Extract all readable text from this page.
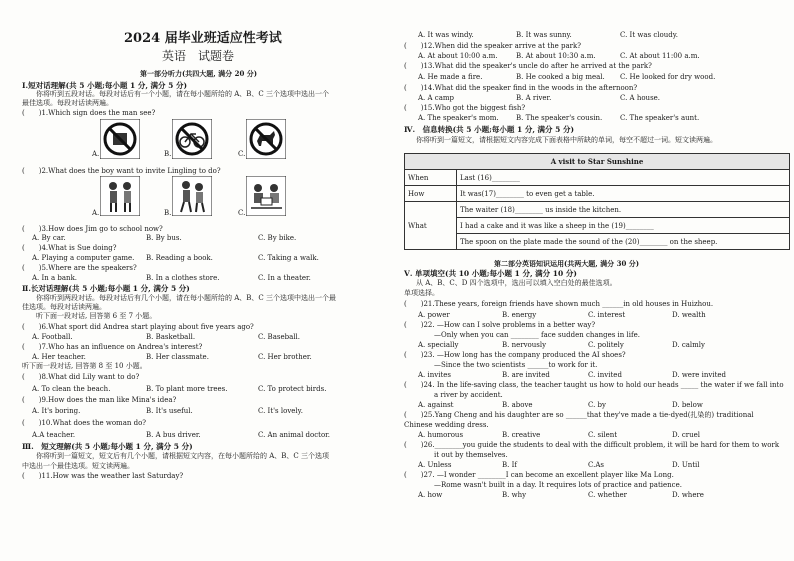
2024 届毕业班适应性考试
英语　试题卷
第一部分听力(共四大题, 满分 20 分)
Ⅰ.短对话理解(共 5 小题;每小题 1 分, 满分 5 分)
你将听到五段对话。每段对话后有一个小题，请在每小题所给的 A、B、C 三个选项中选出一个
最佳选项。每段对话读两遍。
(　　)1.Which sign does the man see?
A.	B.	C.
(　　)2.What does the boy want to invite Lingling to do?
A.	B.	C.
(　　)3.How does Jim go to school now?
A. By car.	B. By bus.	C. By bike.
(　　)4.What is Sue doing?
A. Playing a computer game. B. Reading a book.	C. Taking a walk.
(　　)5.Where are the speakers?
A. In a bank.	B. In a clothes store.	C. In a theater.
Ⅱ.长对话理解(共 5 小题;每小题 1 分, 满分 5 分)
你将听到两段对话。每段对话后有几个小题，请在每小题所给的 A、B、C 三个选项中选出一个最
佳选项。每段对话读两遍。
听下面一段对话, 回答第 6 至 7 小题。
(　　)6.What sport did Andrea start playing about five years ago?
A. Football.	B. Basketball.	C. Baseball.
(　　)7.Who has an influence on Andrea's interest?
A. Her teacher.	B. Her classmate.	C. Her brother.
听下面一段对话, 回答第 8 至 10 小题。
(　　)8.What did Lily want to do?
A. To clean the beach.	B. To plant more trees.	C. To protect birds.
(　　)9.How does the man like Mina's idea?
A. It's boring.	B. It's useful.	C. It's lovely.
(　　)10.What does the woman do?
A.A teacher.	B. A bus driver.	C. An animal doctor.
Ⅲ.　短文理解(共 5 小题;每小题 1 分, 满分 5 分)
你将听到一篇短文，短文后有几个小题，请根据短文内容，在每小题所给的 A、B、C 三个选项
中选出一个最佳选项。短文读两遍。
(　　)11.How was the weather last Saturday?
A. It was windy.	B. It was sunny.	C. It was cloudy.
(　　)12.When did the speaker arrive at the park?
A. At about 10:00 a.m.	B. At about 10:30 a.m.	C. At about 11:00 a.m.
(　　)13.What did the speaker's uncle do after he arrived at the park?
A. He made a fire.	B. He cooked a big meal. C. He looked for dry wood.
(　　)14.What did the speaker find in the woods in the afternoon?
A. A camp	B. A river.	C. A house.
(　　)15.Who got the biggest fish?
A. The speaker's mom. B. The speaker's cousin.	C. The speaker's aunt.
Ⅳ.　信息转换(共 5 小题;每小题 1 分, 满分 5 分)
你将听到一篇短文，请根据短文内容完成下面表格中所缺的单词，每空不超过一词。短文读两遍。
A visit to Star Sunshine	
When	Last (16)________
How	It was(17)________ to even get a table.
What	The waiter (18)________ us inside the kitchen.
	I had a cake and it was like a sheep in the (19)________
	The spoon on the plate made the sound of the (20)________ on the sheep.
第二部分英语知识运用(共两大题, 满分 30 分)
Ⅴ. 单项填空(共 10 小题;每小题 1 分, 满分 10 分)
从 A、B、C、D 四个选项中，选出可以填入空白处的最佳选项。
单项选择。
(　　)21.These years, foreign friends have shown much ______in old houses in Huizhou.
A. power	B. energy	C. interest	D. wealth
(　　)22. —How can I solve problems in a better way?
—Only when you can ________ face sudden changes in life.
A. specially	B. nervously	C. politely	D. calmly
(　　)23. —How long has the company produced the AI shoes?
—Since the two scientists ______to work for it.
A. invites	B. are invited	C. invited	D. were invited
(　　)24. In the life-saving class, the teacher taught us how to hold our heads _____ the water if we fall into
a river by accident.
A. against	B. above	C. by	D. below
(　　)25.Yang Cheng and his daughter are so ______that they've made a tie-dyed(扎染的) traditional
Chinese wedding dress.
A. humorous	B. creative	C. silent	D. cruel
(　　)26.________you guide the students to deal with the difficult problem, it will be hard for them to work
it out by themselves.
A. Unless	B. If	C.As	D. Until
(　　)27. —I wonder ________I can become an excellent player like Ma Long.
—Rome wasn't built in a day. It requires lots of practice and patience.
A. how	B. why	C. whether	D. where
